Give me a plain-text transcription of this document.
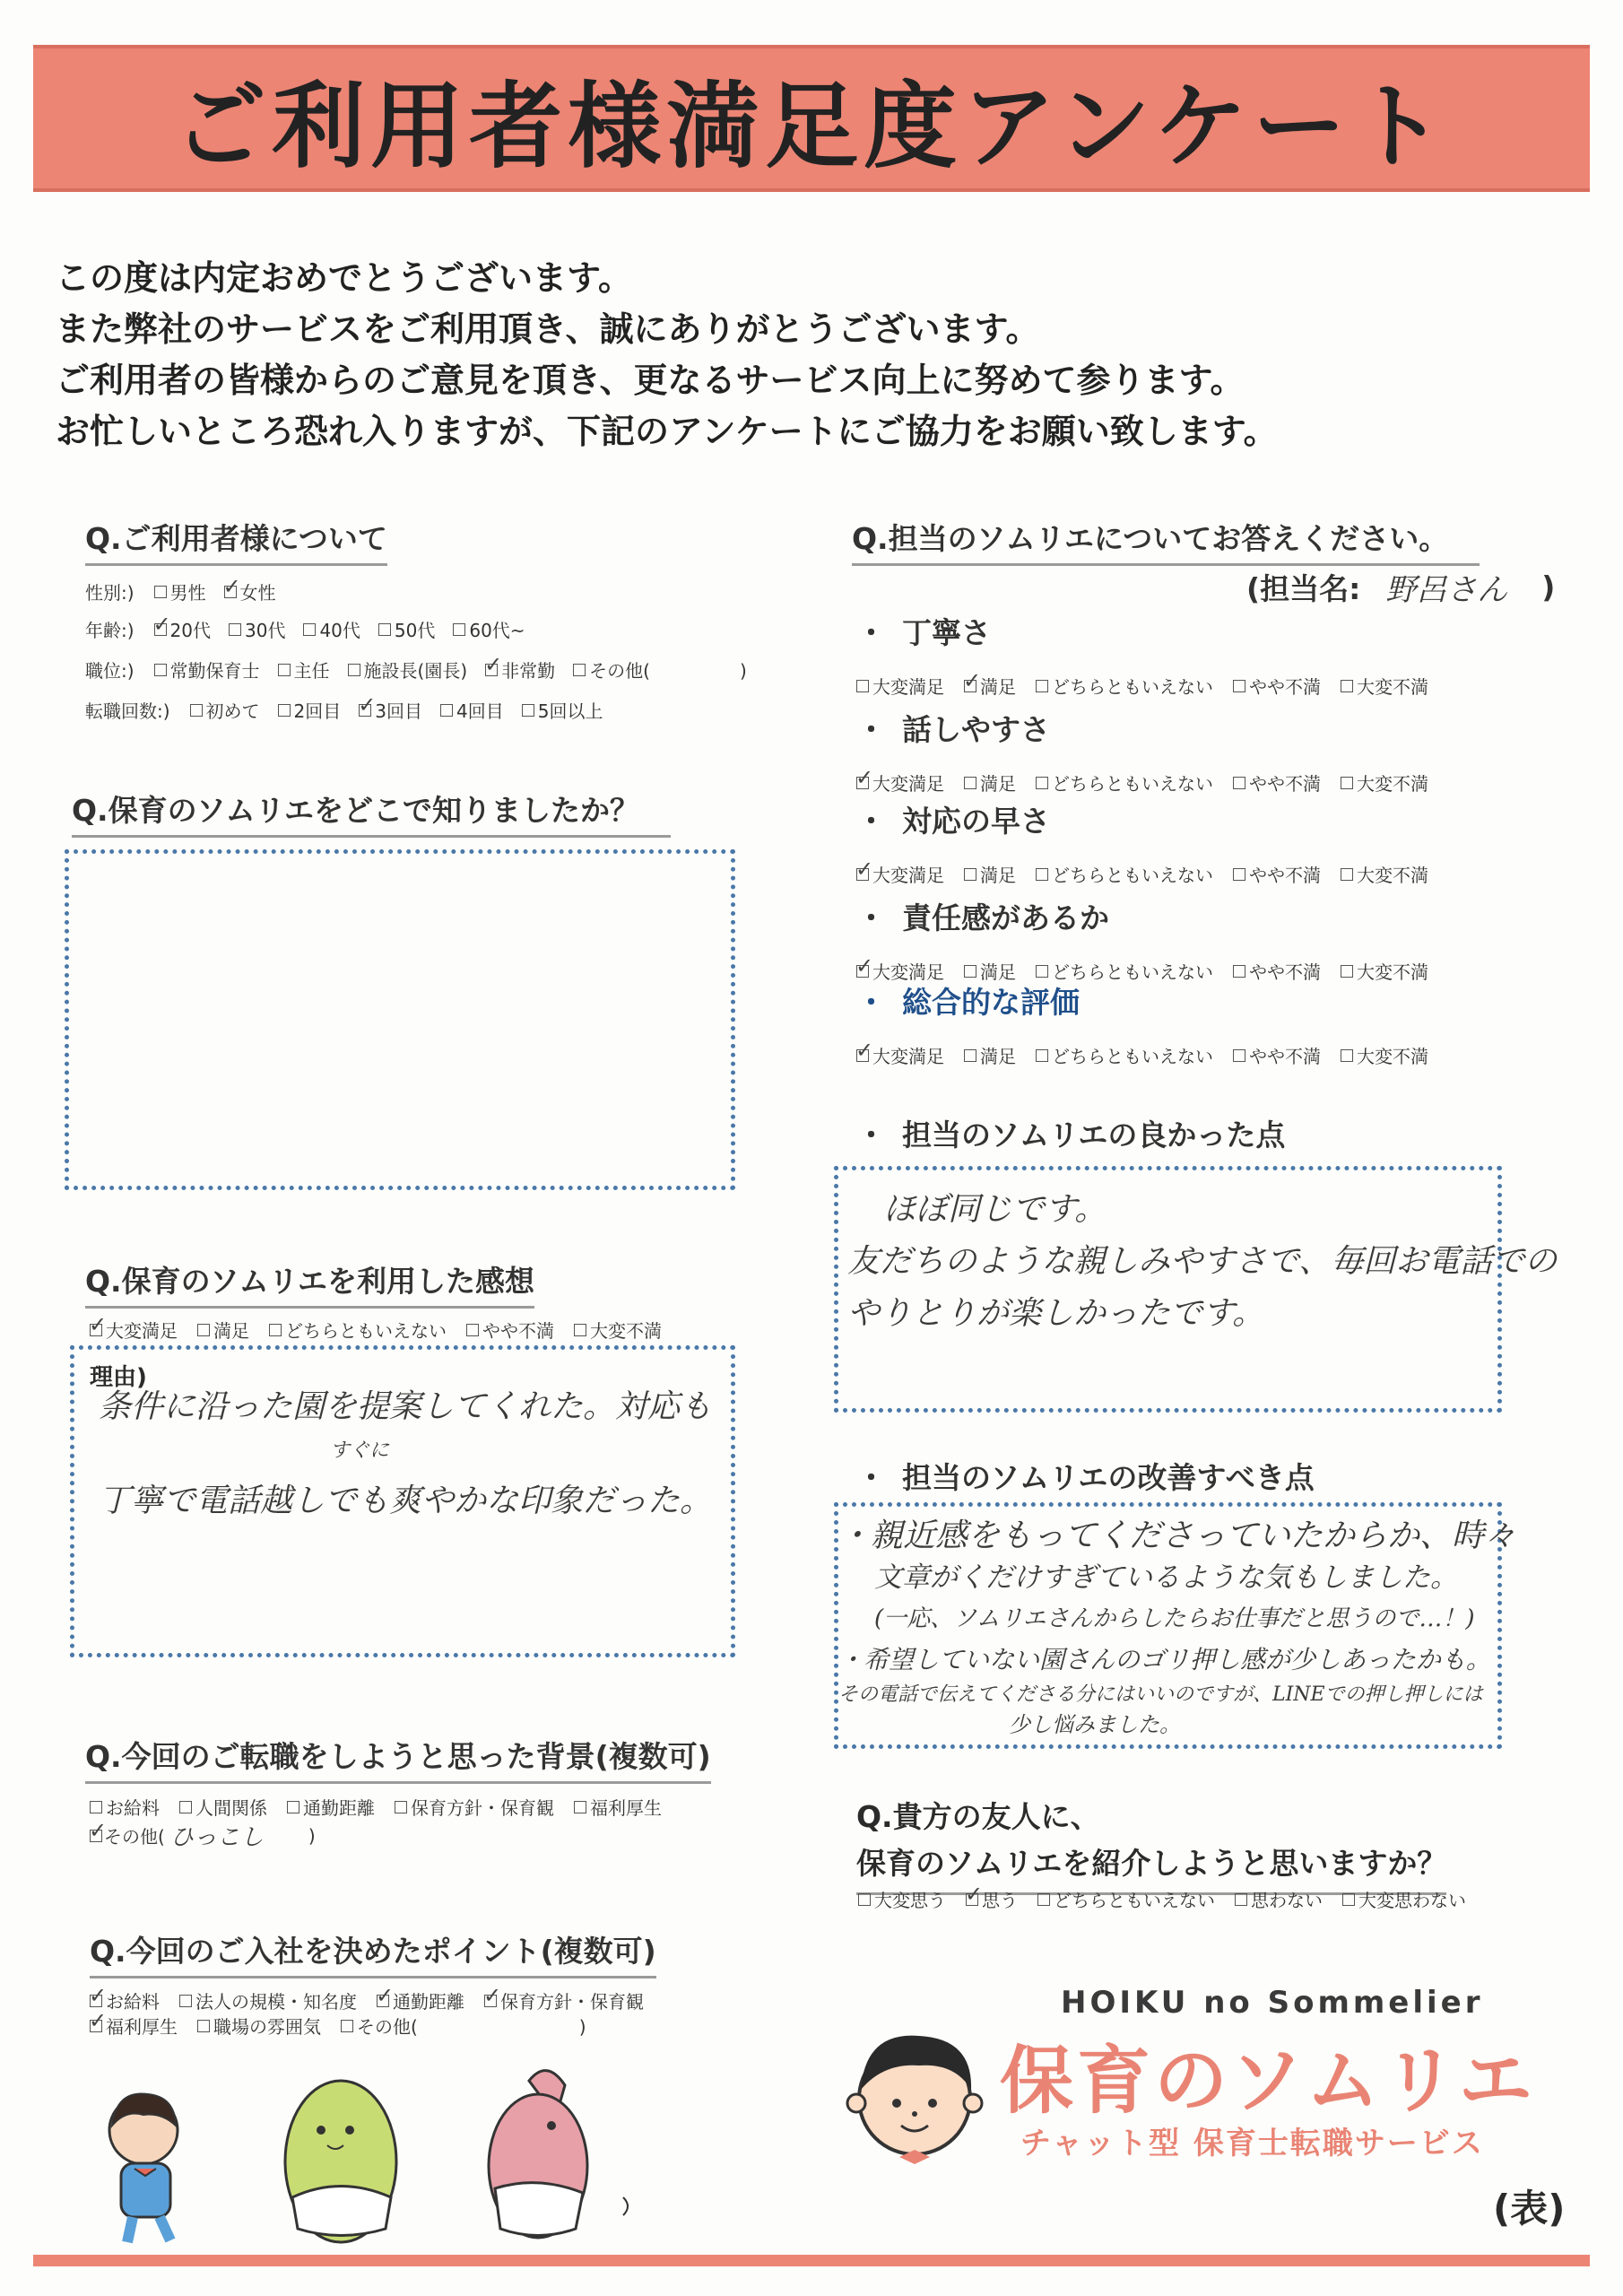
ご利用者様満足度アンケート
この度は内定おめでとうございます。
また弊社のサービスをご利用頂き、誠にありがとうございます。
ご利用者の皆様からのご意見を頂き、更なるサービス向上に努めて参ります。
お忙しいところ恐れ入りますが、下記のアンケートにご協力をお願い致します。
Q.ご利用者様について
性別:) 男性 ✓ 女性
年齢:) ✓ 20代 30代 40代 50代 60代~
職位:) 常勤保育士 主任 施設長(園長) ✓ 非常勤 その他(　　　　　)
転職回数:) 初めて 2回目 ✓ 3回目 4回目 5回以上
Q.保育のソムリエをどこで知りましたか？
Q.保育のソムリエを利用した感想
✓
大変満足 満足 どちらともいえない やや不満 大変不満
理由)
条件に沿った園を提案してくれた。対応も
すぐに
丁寧で電話越しでも爽やかな印象だった。
Q.今回のご転職をしようと思った背景(複数可)
お給料 人間関係 通勤距離 保育方針・保育観 福利厚生
✓
その他( ひっこし	)
Q.今回のご入社を決めたポイント(複数可)
✓
お給料 法人の規模・知名度 ✓ 通勤距離 ✓ 保育方針・保育観
✓
福利厚生 職場の雰囲気 その他(　　　　　　　　　)
Q.担当のソムリエについてお答えください。
(担当名: 野呂さん )
・ 丁寧さ
大変満足 ✓ 満足 どちらともいえない やや不満 大変不満
・ 話しやすさ
✓
大変満足 満足 どちらともいえない やや不満 大変不満
・ 対応の早さ
✓
大変満足 満足 どちらともいえない やや不満 大変不満
・ 責任感があるか
✓
大変満足 満足 どちらともいえない やや不満 大変不満
・ 総合的な評価
✓
大変満足 満足 どちらともいえない やや不満 大変不満
・ 担当のソムリエの良かった点
ほぼ同じです。
友だちのような親しみやすさで、毎回お電話での
やりとりが楽しかったです。
・ 担当のソムリエの改善すべき点
・親近感をもってくださっていたからか、時々
文章がくだけすぎているような気もしました。
(一応、ソムリエさんからしたらお仕事だと思うので…！)
・希望していない園さんのゴリ押し感が少しあったかも。
その電話で伝えてくださる分にはいいのですが、LINEでの押し押しには
少し悩みました。
Q.貴方の友人に、
保育のソムリエを紹介しようと思いますか？
大変思う ✓ 思う どちらともいえない 思わない 大変思わない
HOIKU no Sommelier
保育のソムリエ
チャット型 保育士転職サービス
(表)
